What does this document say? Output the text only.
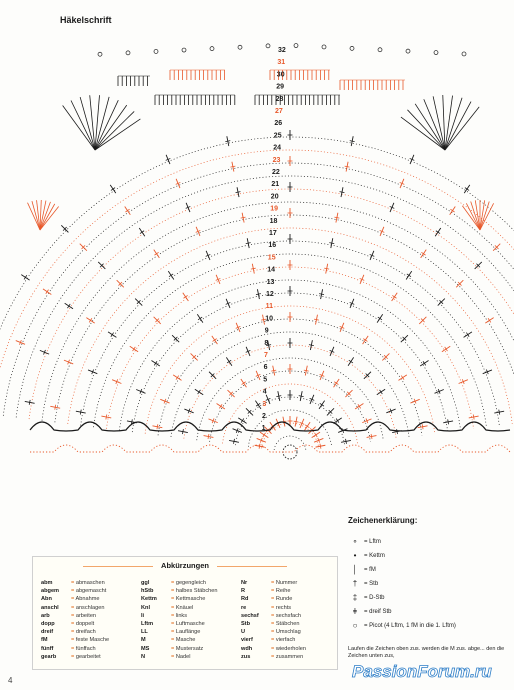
32
31
30
29
28
27
26
25
24
23
22
21
20
19
18
17
16
15
14
13
12
11
10
9
8
7
6
5
4
3
2
1
Häkelschrift
Zeichenerklärung:
∘	= Lftm
•	= Kettm
│	= fM
†	= Stb
‡	= D-Stb
ǂ	= dreif Stb
○	= Picot (4 Lftm, 1 fM in die 1. Lftm)
Laufen die Zeichen oben zus. werden die M zus. abge... den die Zeichen unten zus,
Abkürzungen
abm	= abmaschen
abgem	= abgemascht
Abn	= Abnahme
anschl	= anschlagen
arb	= arbeiten
dopp	= doppelt
dreif	= dreifach
fM	= feste Masche
fünff	= fünffach
gearb	= gearbeitet
ggl	= gegengleich
hStb	= halbes Stäbchen
Kettm	= Kettmasche
Knl	= Knäuel
li	= links
Lftm	= Luftmasche
LL	= Lauflänge
M	= Masche
MS	= Mustersatz
N	= Nadel
Nr	= Nummer
R	= Reihe
Rd	= Runde
re	= rechts
sechsf	= sechsfach
Stb	= Stäbchen
U	= Umschlag
vierf	= vierfach
wdh	= wiederholen
zus	= zusammen
4	PassionForum.ru
